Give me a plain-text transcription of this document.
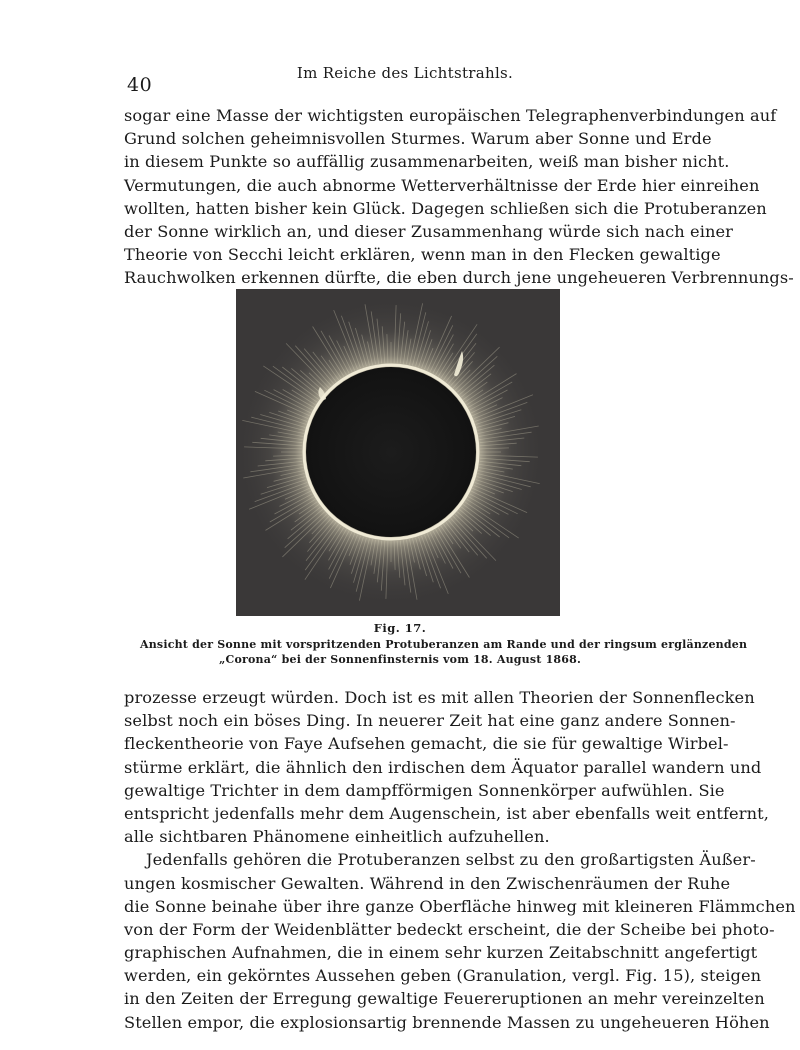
40
Im Reiche des Lichtstrahls.
sogar eine Masse der wichtigsten europäischen Telegraphenverbindungen auf
Grund solchen geheimnisvollen Sturmes. Warum aber Sonne und Erde
in diesem Punkte so auffällig zusammenarbeiten, weiß man bisher nicht.
Vermutungen, die auch abnorme Wetterverhältnisse der Erde hier einreihen
wollten, hatten bisher kein Glück. Dagegen schließen sich die Protuberanzen
der Sonne wirklich an, und dieser Zusammenhang würde sich nach einer
Theorie von Secchi leicht erklären, wenn man in den Flecken gewaltige
Rauchwolken erkennen dürfte, die eben durch jene ungeheueren Verbrennungs-
Fig. 17.
Ansicht der Sonne mit vorspritzenden Protuberanzen am Rande und der ringsum erglänzenden
„Corona“ bei der Sonnenfinsternis vom 18. August 1868.
prozesse erzeugt würden. Doch ist es mit allen Theorien der Sonnenflecken
selbst noch ein böses Ding. In neuerer Zeit hat eine ganz andere Sonnen-
fleckentheorie von Faye Aufsehen gemacht, die sie für gewaltige Wirbel-
stürme erklärt, die ähnlich den irdischen dem Äquator parallel wandern und
gewaltige Trichter in dem dampfförmigen Sonnenkörper aufwühlen. Sie
entspricht jedenfalls mehr dem Augenschein, ist aber ebenfalls weit entfernt,
alle sichtbaren Phänomene einheitlich aufzuhellen.
Jedenfalls gehören die Protuberanzen selbst zu den großartigsten Äußer-
ungen kosmischer Gewalten. Während in den Zwischenräumen der Ruhe
die Sonne beinahe über ihre ganze Oberfläche hinweg mit kleineren Flämmchen
von der Form der Weidenblätter bedeckt erscheint, die der Scheibe bei photo-
graphischen Aufnahmen, die in einem sehr kurzen Zeitabschnitt angefertigt
werden, ein gekörntes Aussehen geben (Granulation, vergl. Fig. 15), steigen
in den Zeiten der Erregung gewaltige Feuereruptionen an mehr vereinzelten
Stellen empor, die explosionsartig brennende Massen zu ungeheueren Höhen
